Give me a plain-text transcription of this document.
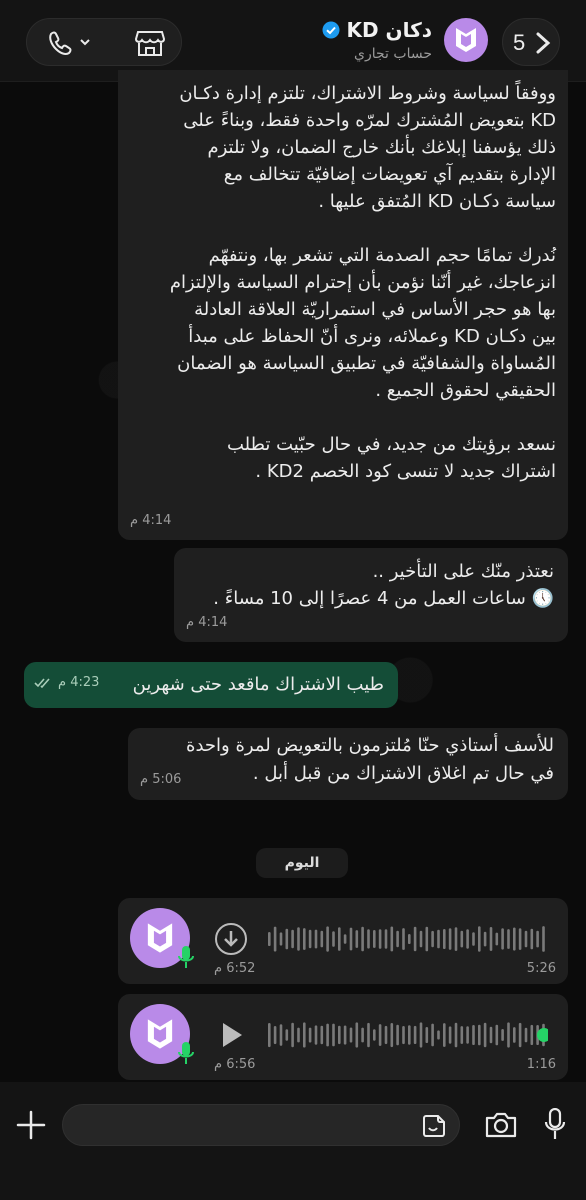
5
دكان KD
حساب تجاري

ووفقاً لسياسة وشروط الاشتراك، تلتزم إدارة دكـان

KD بتعويض المُشترك لمرّه واحدة فقط، وبناءً على

ذلك يؤسفنا إبلاغك بأنك خارج الضمان، ولا تلتزم

الإدارة بتقديم آي تعويضات إضافيّة تتخالف مع

سياسة دكـان KD المُتفق عليها .

نُدرك تمامًا حجم الصدمة التي تشعر بها، ونتفهّم

انزعاجك، غير أنّنا نؤمن بأن إحترام السياسة والإلتزام

بها هو حجر الأساس في استمراريّة العلاقة العادلة

بين دكـان KD وعملائه، ونرى أنّ الحفاظ على مبدأ

المُساواة والشفافيّة في تطبيق السياسة هو الضمان

الحقيقي لحقوق الجميع .

نسعد برؤيتك من جديد، في حال حبّيت تطلب

اشتراك جديد لا تنسى كود الخصم KD2 .

4:14 م

نعتذر منّك على التأخير ..

🕔 ساعات العمل من 4 عصرًا إلى 10 مساءً .

4:14 م

طيب الاشتراك ماقعد حتى شهرين

4:23 م

للأسف أستاذي حنّا مُلتزمون بالتعويض لمرة واحدة

في حال تم اغلاق الاشتراك من قبل أبل .

5:06 م
اليوم
6:52 م	5:26
6:56 م	1:16
